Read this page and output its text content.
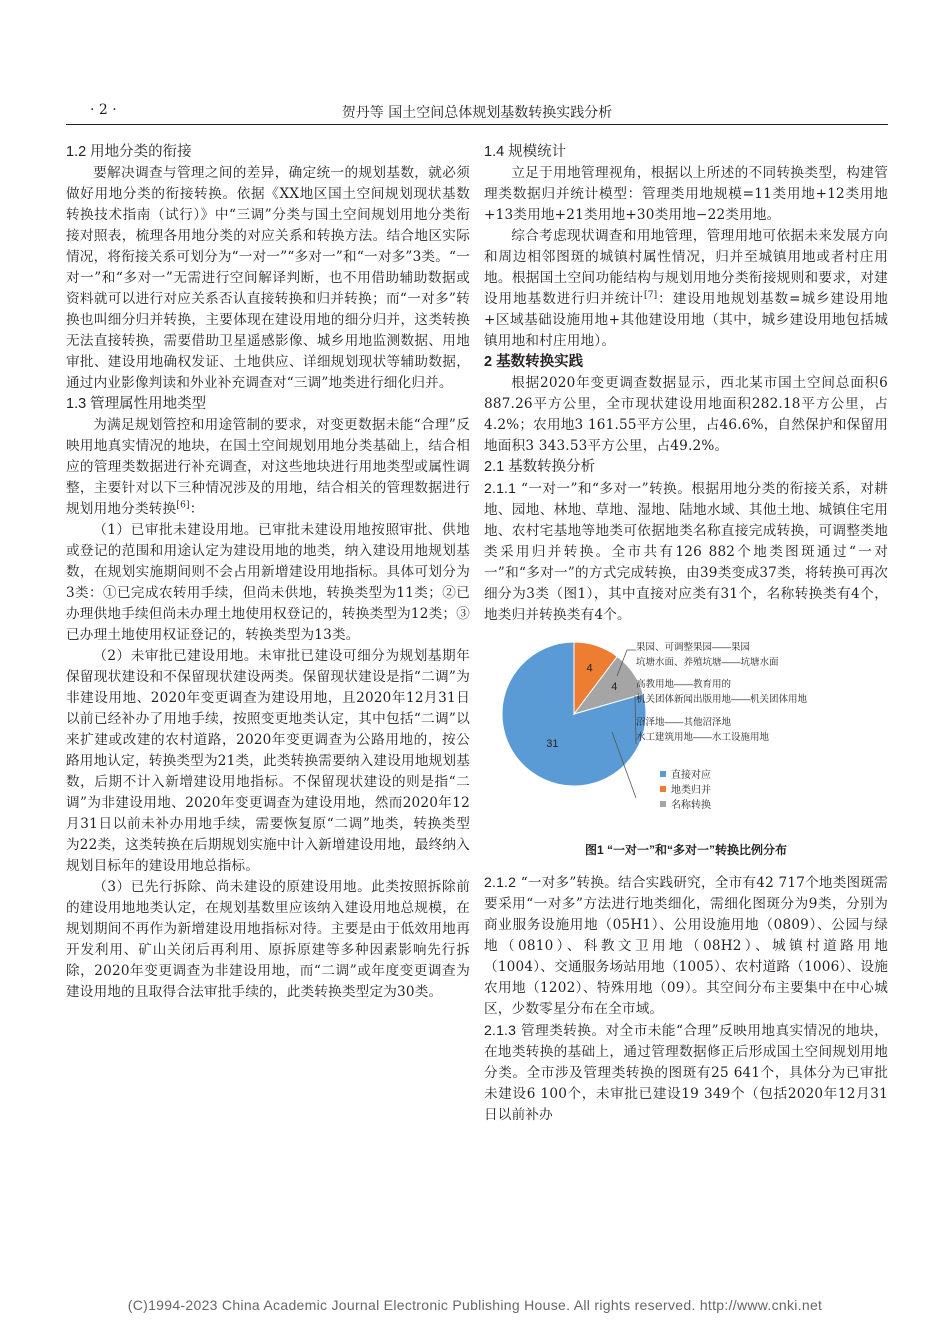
· 2 ·	贺丹等 国土空间总体规划基数转换实践分析
1.2 用地分类的衔接

要解决调查与管理之间的差异，确定统一的规划基数，就必须做好用地分类的衔接转换。依据《XX地区国土空间规划现状基数转换技术指南（试行）》中“三调”分类与国土空间规划用地分类衔接对照表，梳理各用地分类的对应关系和转换方法。结合地区实际情况，将衔接关系可划分为“一对一”“多对一”和“一对多”3类。“一对一”和“多对一”无需进行空间解译判断，也不用借助辅助数据或资料就可以进行对应关系否认直接转换和归并转换；而“一对多”转换也叫细分归并转换，主要体现在建设用地的细分归并，这类转换无法直接转换，需要借助卫星遥感影像、城乡用地监测数据、用地审批、建设用地确权发证、土地供应、详细规划现状等辅助数据，通过内业影像判读和外业补充调查对“三调”地类进行细化归并。

1.3 管理属性用地类型

为满足规划管控和用途管制的要求，对变更数据未能“合理”反映用地真实情况的地块，在国土空间规划用地分类基础上，结合相应的管理类数据进行补充调查，对这些地块进行用地类型或属性调整，主要针对以下三种情况涉及的用地，结合相关的管理数据进行规划用地分类转换[6]：

（1）已审批未建设用地。已审批未建设用地按照审批、供地或登记的范围和用途认定为建设用地的地类，纳入建设用地规划基数，在规划实施期间则不会占用新增建设用地指标。具体可划分为3类：①已完成农转用手续，但尚未供地，转换类型为11类；②已办理供地手续但尚未办理土地使用权登记的，转换类型为12类；③已办理土地使用权证登记的，转换类型为13类。

（2）未审批已建设用地。未审批已建设可细分为规划基期年保留现状建设和不保留现状建设两类。保留现状建设是指“二调”为非建设用地、2020年变更调查为建设用地，且2020年12月31日以前已经补办了用地手续，按照变更地类认定，其中包括“二调”以来扩建或改建的农村道路，2020年变更调查为公路用地的，按公路用地认定，转换类型为21类，此类转换需要纳入建设用地规划基数，后期不计入新增建设用地指标。不保留现状建设的则是指“二调”为非建设用地、2020年变更调查为建设用地，然而2020年12月31日以前未补办用地手续，需要恢复原“二调”地类，转换类型为22类，这类转换在后期规划实施中计入新增建设用地，最终纳入规划目标年的建设用地总指标。

（3）已先行拆除、尚未建设的原建设用地。此类按照拆除前的建设用地地类认定，在规划基数里应该纳入建设用地总规模，在规划期间不再作为新增建设用地指标对待。主要是由于低效用地再开发利用、矿山关闭后再利用、原拆原建等多种因素影响先行拆除，2020年变更调查为非建设用地，而“二调”或年度变更调查为建设用地的且取得合法审批手续的，此类转换类型定为30类。

1.4 规模统计

立足于用地管理视角，根据以上所述的不同转换类型，构建管理类数据归并统计模型：管理类用地规模=11类用地+12类用地+13类用地+21类用地+30类用地−22类用地。

综合考虑现状调查和用地管理，管理用地可依据未来发展方向和周边相邻图斑的城镇村属性情况，归并至城镇用地或者村庄用地。根据国土空间功能结构与规划用地分类衔接规则和要求，对建设用地基数进行归并统计[7]：建设用地规划基数=城乡建设用地+区域基础设施用地+其他建设用地（其中，城乡建设用地包括城镇用地和村庄用地）。

2 基数转换实践

根据2020年变更调查数据显示，西北某市国土空间总面积6 887.26平方公里，全市现状建设用地面积282.18平方公里，占4.2%；农用地3 161.55平方公里，占46.6%，自然保护和保留用地面积3 343.53平方公里，占49.2%。

2.1 基数转换分析

2.1.1 “一对一”和“多对一”转换。根据用地分类的衔接关系，对耕地、园地、林地、草地、湿地、陆地水域、其他土地、城镇住宅用地、农村宅基地等地类可依据地类名称直接完成转换，可调整类地类采用归并转换。全市共有126 882个地类图斑通过“一对一”和“多对一”的方式完成转换，由39类变成37类，将转换可再次细分为3类（图1），其中直接对应类有31个，名称转换类有4个，地类归并转换类有4个。

31
4
4
果园、可调整果园——果园
坑塘水面、养殖坑塘——坑塘水面
高教用地——教育用的
机关团体新闻出版用地——机关团体用地
沼泽地——其他沼泽地
水工建筑用地——水工设施用地
直接对应
地类归并
名称转换
图1 “一对一”和“多对一”转换比例分布

2.1.2 “一对多”转换。结合实践研究，全市有42 717个地类图斑需要采用“一对多”方法进行地类细化，需细化图斑分为9类，分别为商业服务设施用地（05H1）、公用设施用地（0809）、公园与绿地（0810）、科教文卫用地（08H2）、城镇村道路用地（1004）、交通服务场站用地（1005）、农村道路（1006）、设施农用地（1202）、特殊用地（09）。其空间分布主要集中在中心城区，少数零星分布在全市域。

2.1.3 管理类转换。对全市未能“合理”反映用地真实情况的地块，在地类转换的基础上，通过管理数据修正后形成国土空间规划用地分类。全市涉及管理类转换的图斑有25 641个，具体分为已审批未建设6 100个，未审批已建设19 349个（包括2020年12月31日以前补办

(C)1994-2023 China Academic Journal Electronic Publishing House. All rights reserved. http://www.cnki.net
